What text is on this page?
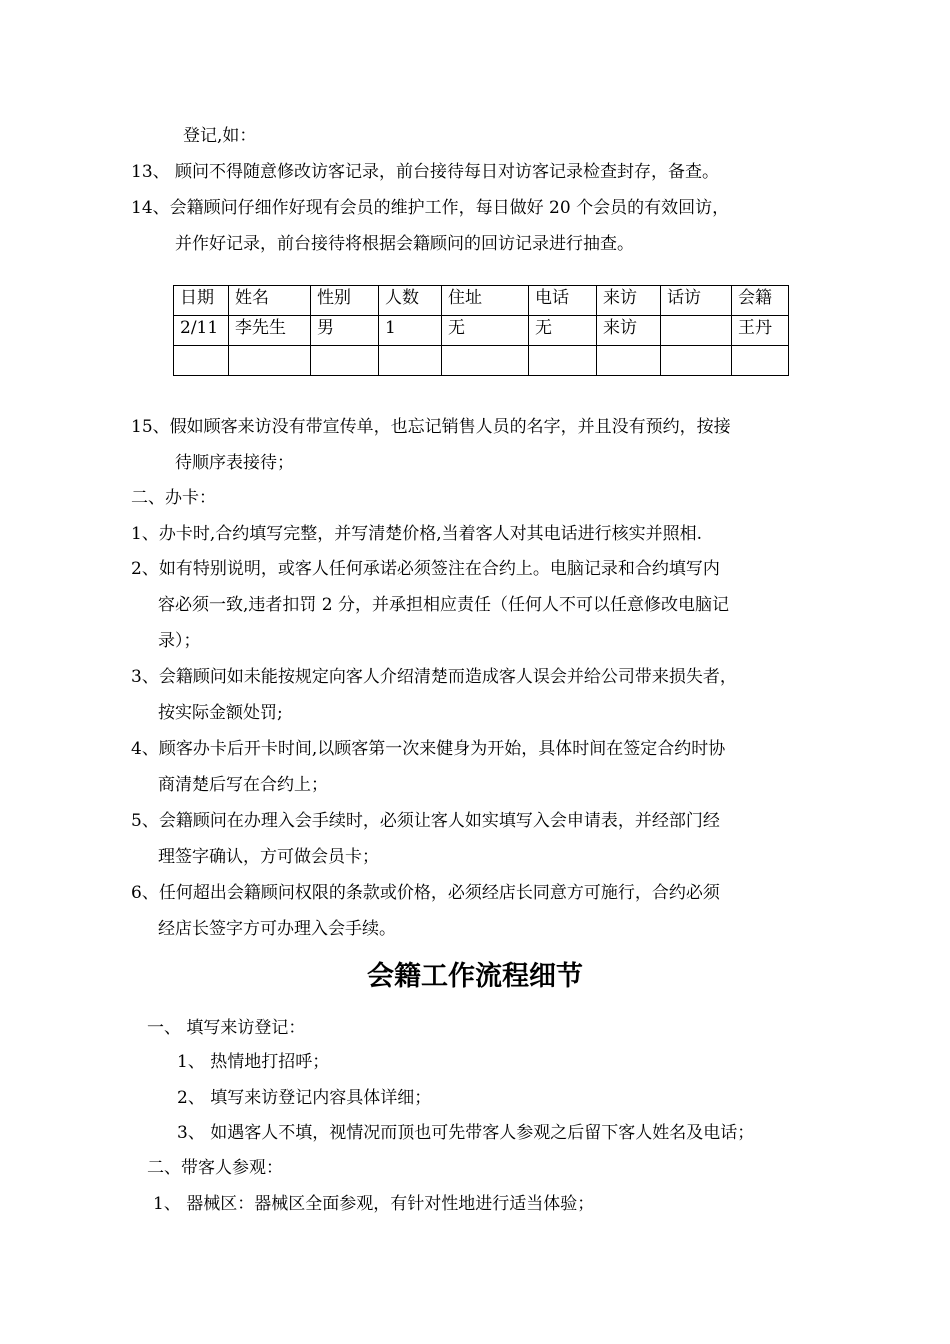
登记,如：
13、 顾问不得随意修改访客记录，前台接待每日对访客记录检查封存，备查。
14、会籍顾问仔细作好现有会员的维护工作，每日做好 20 个会员的有效回访，
并作好记录，前台接待将根据会籍顾问的回访记录进行抽查。
日期	姓名	性别	人数	住址	电话	来访	话访	会籍
2/11	李先生	男	1	无	无	来访		王丹

15、假如顾客来访没有带宣传单，也忘记销售人员的名字，并且没有预约，按接
待顺序表接待；
二、办卡：
1、办卡时,合约填写完整，并写清楚价格,当着客人对其电话进行核实并照相.
2、如有特别说明，或客人任何承诺必须签注在合约上。电脑记录和合约填写内
容必须一致,违者扣罚 2 分，并承担相应责任（任何人不可以任意修改电脑记
录）；
3、会籍顾问如未能按规定向客人介绍清楚而造成客人误会并给公司带来损失者，
按实际金额处罚;
4、顾客办卡后开卡时间,以顾客第一次来健身为开始，具体时间在签定合约时协
商清楚后写在合约上；
5、会籍顾问在办理入会手续时，必须让客人如实填写入会申请表，并经部门经
理签字确认，方可做会员卡；
6、任何超出会籍顾问权限的条款或价格，必须经店长同意方可施行，合约必须
经店长签字方可办理入会手续。
会籍工作流程细节
一、 填写来访登记：
1、 热情地打招呼；
2、 填写来访登记内容具体详细；
3、 如遇客人不填，视情况而顶也可先带客人参观之后留下客人姓名及电话；
二、带客人参观：
1、 器械区：器械区全面参观，有针对性地进行适当体验；
